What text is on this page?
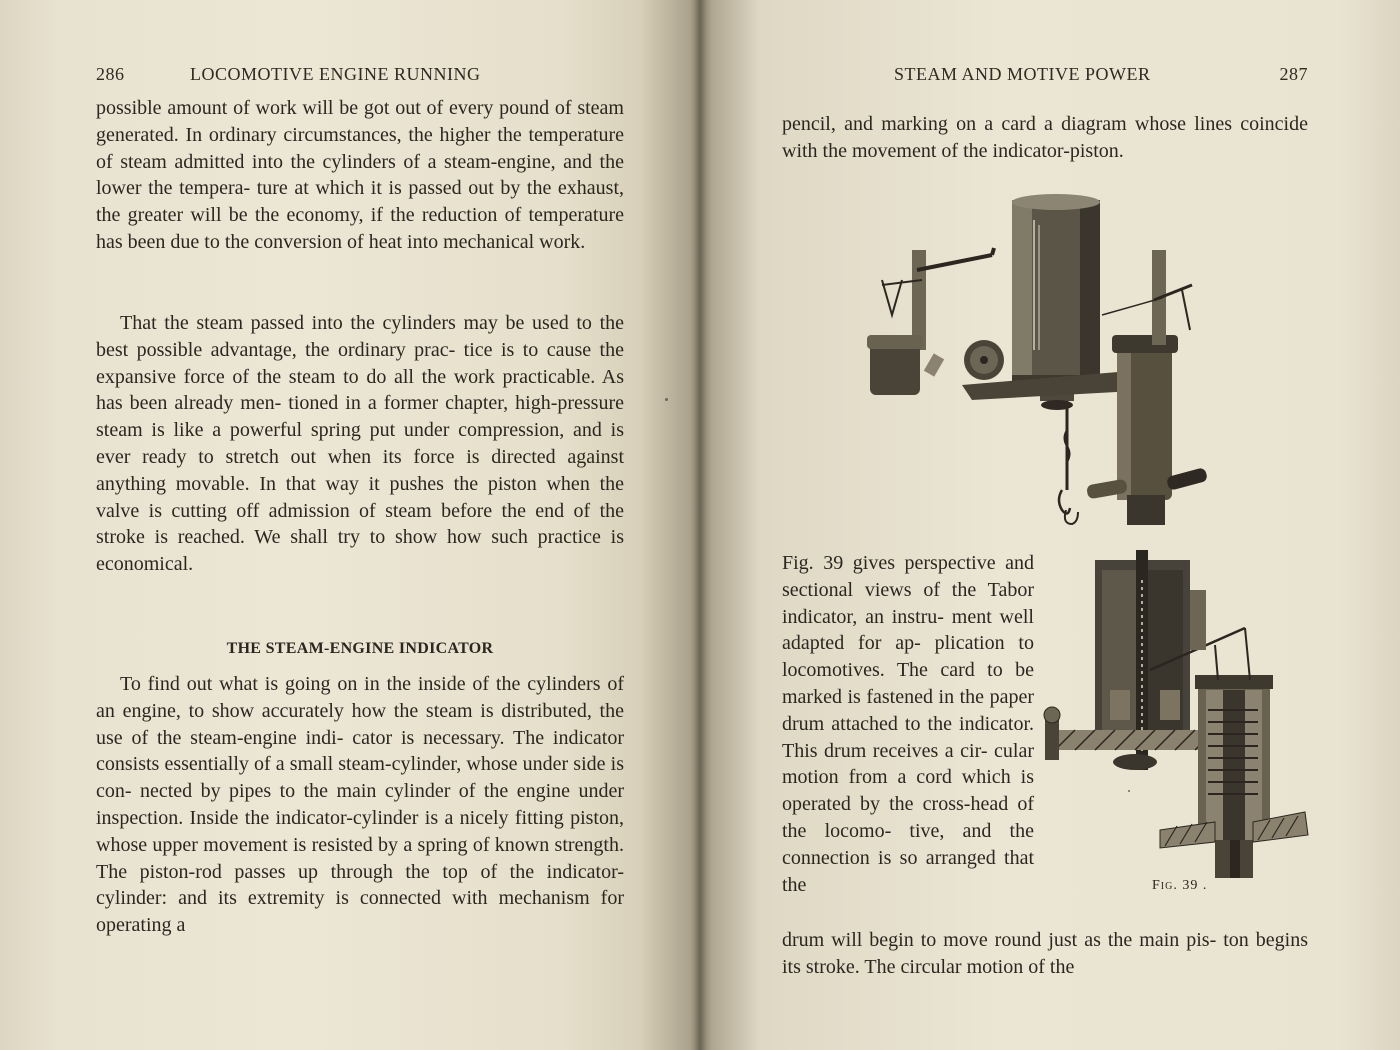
286	LOCOMOTIVE ENGINE RUNNING

possible amount of work will be got out of every pound of steam generated. In ordinary circumstances, the higher the temperature of steam admitted into the cylinders of a steam-engine, and the lower the tempera- ture at which it is passed out by the exhaust, the greater will be the economy, if the reduction of temperature has been due to the conversion of heat into mechanical work.

That the steam passed into the cylinders may be used to the best possible advantage, the ordinary prac- tice is to cause the expansive force of the steam to do all the work practicable. As has been already men- tioned in a former chapter, high-pressure steam is like a powerful spring put under compression, and is ever ready to stretch out when its force is directed against anything movable. In that way it pushes the piston when the valve is cutting off admission of steam before the end of the stroke is reached. We shall try to show how such practice is economical.

THE STEAM-ENGINE INDICATOR

To find out what is going on in the inside of the cylinders of an engine, to show accurately how the steam is distributed, the use of the steam-engine indi- cator is necessary. The indicator consists essentially of a small steam-cylinder, whose under side is con- nected by pipes to the main cylinder of the engine under inspection. Inside the indicator-cylinder is a nicely fitting piston, whose upper movement is resisted by a spring of known strength. The piston-rod passes up through the top of the indicator-cylinder: and its extremity is connected with mechanism for operating a

STEAM AND MOTIVE POWER	287

pencil, and marking on a card a diagram whose lines coincide with the movement of the indicator-piston.

Fig. 39 gives perspective and sectional views of the Tabor indicator, an instru- ment well adapted for ap- plication to locomotives. The card to be marked is fastened in the paper drum attached to the indicator. This drum receives a cir- cular motion from a cord which is operated by the cross-head of the locomo- tive, and the connection is so arranged that the	Fig. 39 .

drum will begin to move round just as the main pis- ton begins its stroke. The circular motion of the
